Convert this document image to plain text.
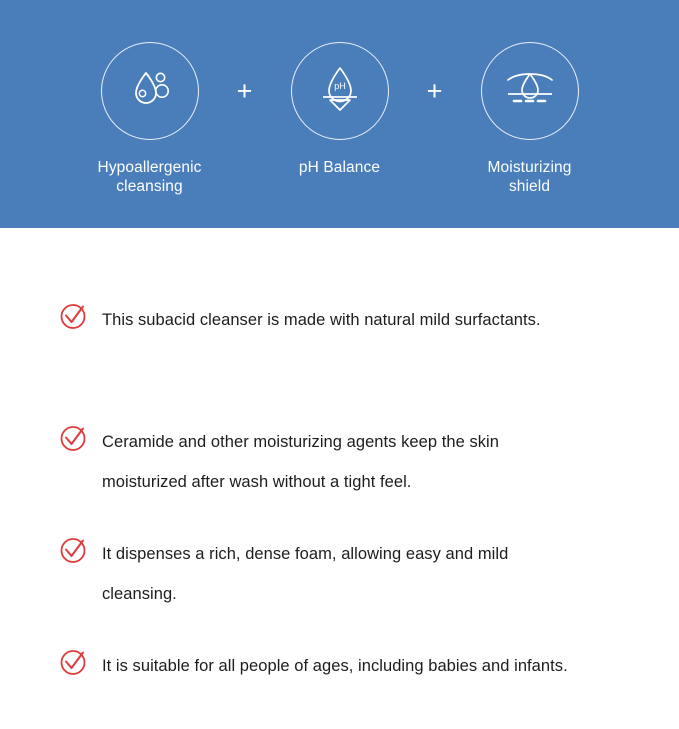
Hypoallergenic
cleansing
+	pH
pH Balance
+
Moisturizing
shield
This subacid cleanser is made with natural mild surfactants.
Ceramide and other moisturizing agents keep the skin
moisturized after wash without a tight feel.
It dispenses a rich, dense foam, allowing easy and mild
cleansing.
It is suitable for all people of ages, including babies and infants.
